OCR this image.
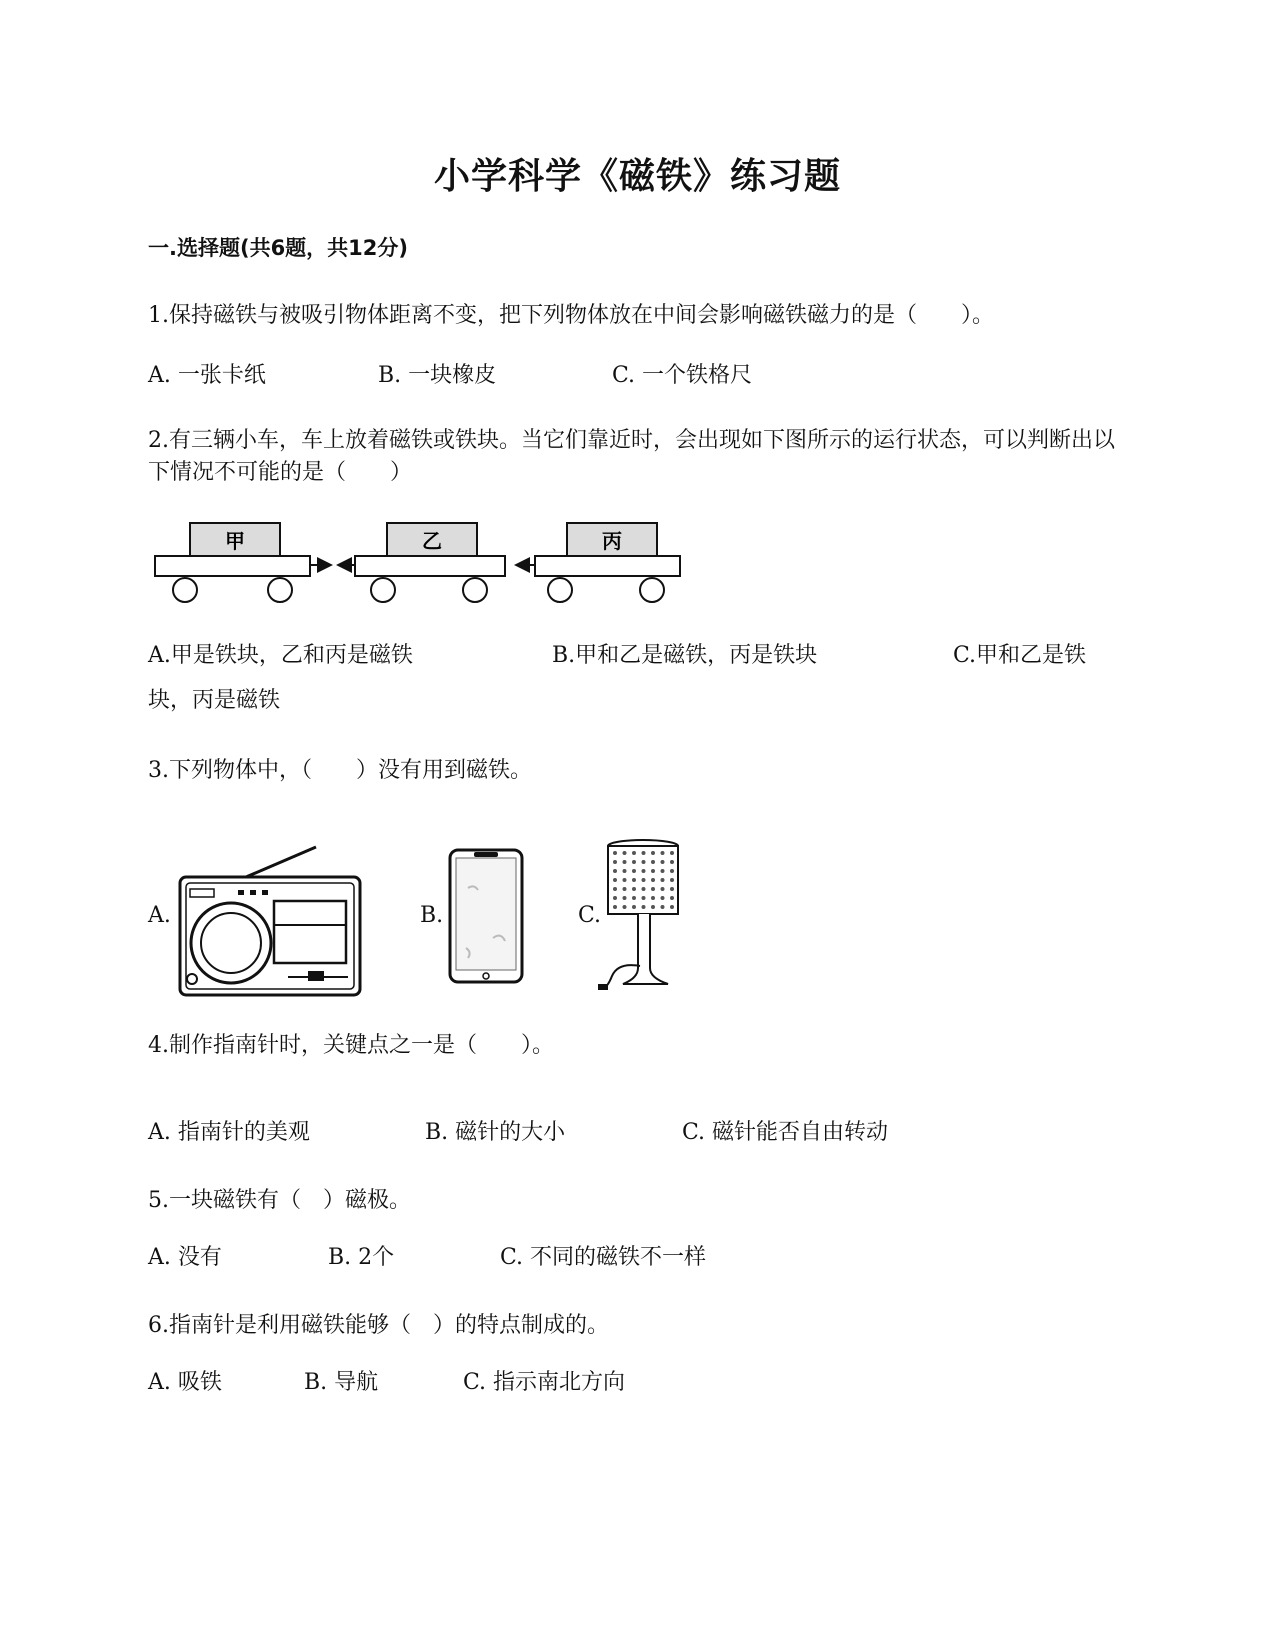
小学科学《磁铁》练习题
一.选择题(共6题，共12分)
1.保持磁铁与被吸引物体距离不变，把下列物体放在中间会影响磁铁磁力的是（　　）。
A. 一张卡纸	B. 一块橡皮	C. 一个铁格尺
2.有三辆小车，车上放着磁铁或铁块。当它们靠近时，会出现如下图所示的运行状态，可以判断出以下情况不可能的是（　　）
甲	乙	丙
A.甲是铁块，乙和丙是磁铁	B.甲和乙是磁铁，丙是铁块	C.甲和乙是铁
块，丙是磁铁
3.下列物体中，（　　）没有用到磁铁。
A.	B.	C.
4.制作指南针时，关键点之一是（　　）。
A. 指南针的美观	B. 磁针的大小	C. 磁针能否自由转动
5.一块磁铁有（　）磁极。
A. 没有	B. 2个	C. 不同的磁铁不一样
6.指南针是利用磁铁能够（　）的特点制成的。
A. 吸铁	B. 导航	C. 指示南北方向
